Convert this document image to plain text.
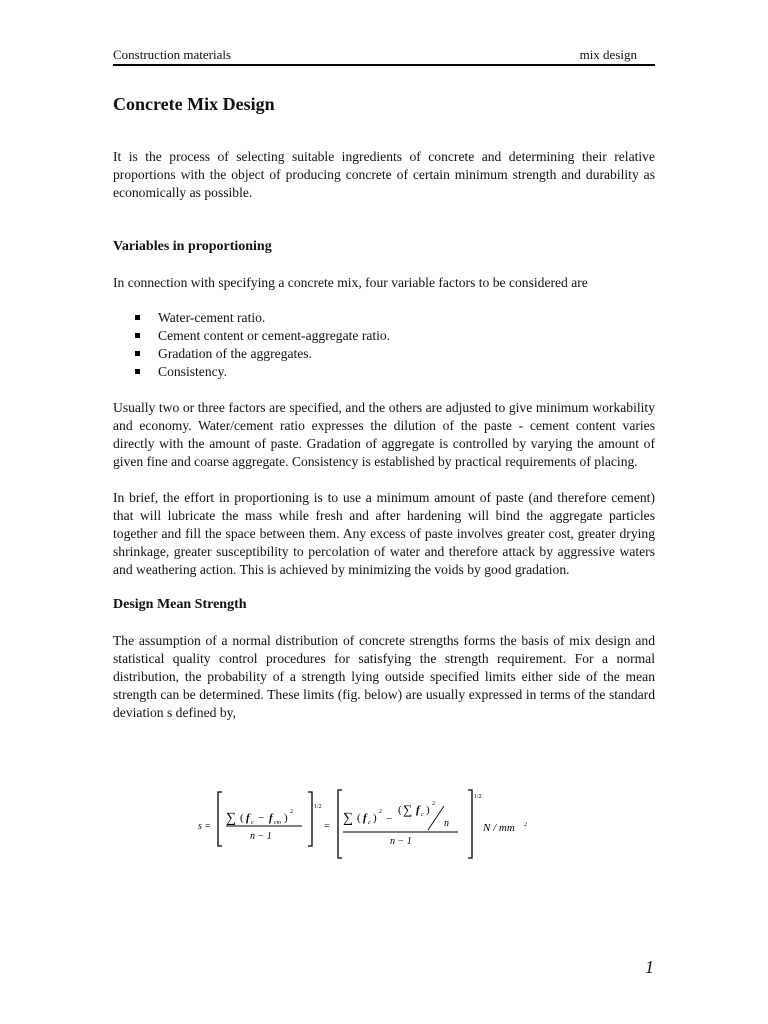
Construction materials	mix design
Concrete Mix Design

It is the process of selecting suitable ingredients of concrete and determining their relative proportions with the object of producing concrete of certain minimum strength and durability as economically as possible.

Variables in proportioning

In connection with specifying a concrete mix, four variable factors to be considered are

Water-cement ratio.
Cement content or cement-aggregate ratio.
Gradation of the aggregates.
Consistency.

Usually two or three factors are specified, and the others are adjusted to give minimum workability and economy. Water/cement ratio expresses the dilution of the paste - cement content varies directly with the amount of paste. Gradation of aggregate is controlled by varying the amount of given fine and coarse aggregate. Consistency is established by practical requirements of placing.

In brief, the effort in proportioning is to use a minimum amount of paste (and therefore cement) that will lubricate the mass while fresh and after hardening will bind the aggregate particles together and fill the space between them. Any excess of paste involves greater cost, greater drying shrinkage, greater susceptibility to percolation of water and therefore attack by aggressive waters and weathering action. This is achieved by minimizing the voids by good gradation.

Design Mean Strength

The assumption of a normal distribution of concrete strengths forms the basis of mix design and statistical quality control procedures for satisfying the strength requirement. For a normal distribution, the probability of a strength lying outside specified limits either side of the mean strength can be determined. These limits (fig. below) are usually expressed in terms of the standard deviation s defined by,

s =
1/2
∑ ( f c − f cm ) 2
n − 1
=
1/2
∑ ( f c ) 2
−
( ∑ f c ) 2
n
n − 1
N / mm 2
1
